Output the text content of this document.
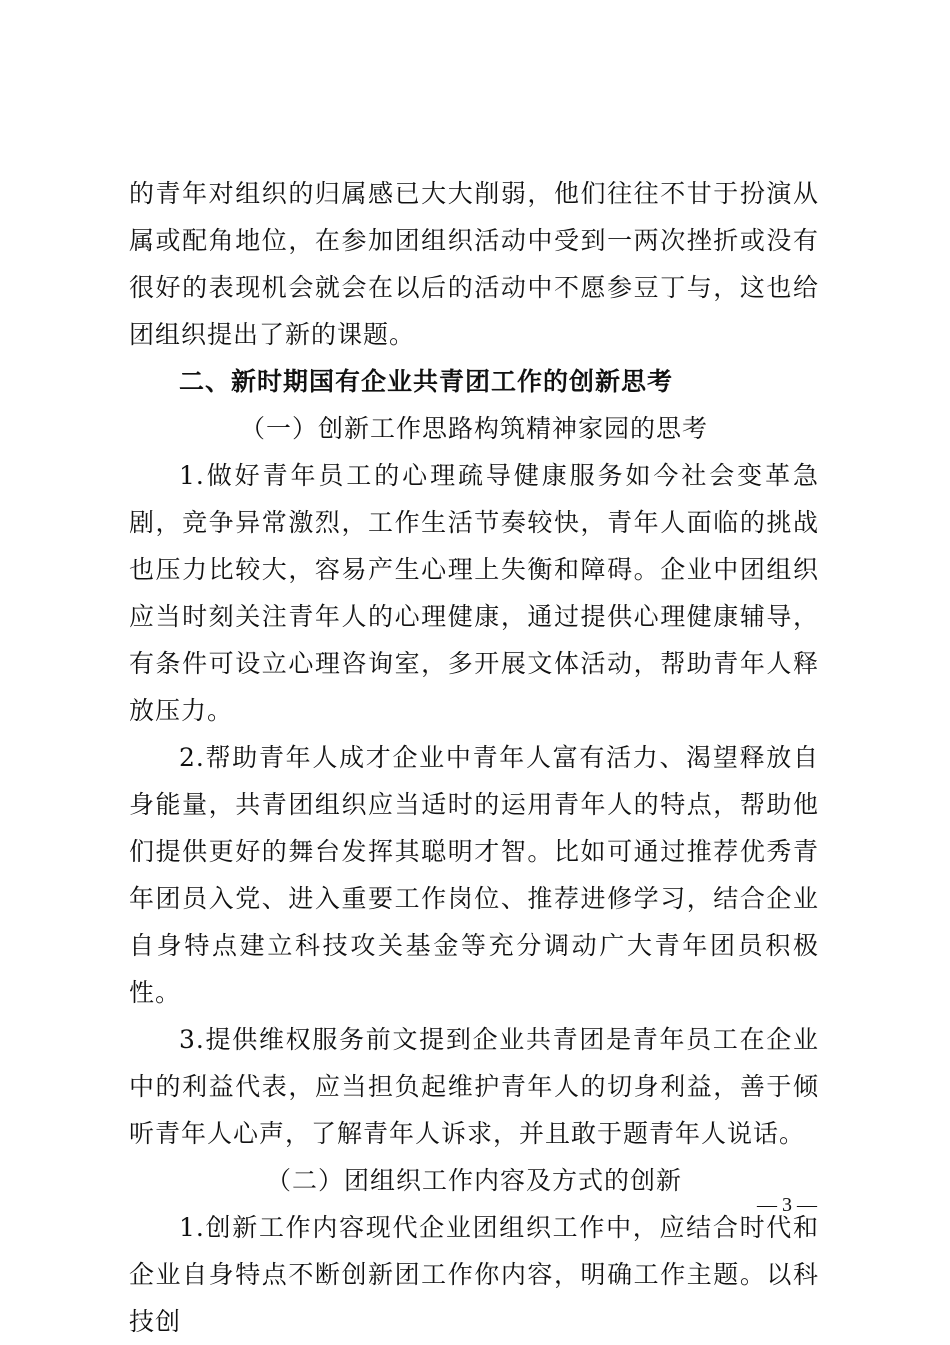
的青年对组织的归属感已大大削弱，他们往往不甘于扮演从属或配角地位，在参加团组织活动中受到一两次挫折或没有很好的表现机会就会在以后的活动中不愿参豆丁与，这也给团组织提出了新的课题。

二、新时期国有企业共青团工作的创新思考

（一）创新工作思路构筑精神家园的思考

1.做好青年员工的心理疏导健康服务如今社会变革急剧，竞争异常激烈，工作生活节奏较快，青年人面临的挑战也压力比较大，容易产生心理上失衡和障碍。企业中团组织应当时刻关注青年人的心理健康，通过提供心理健康辅导，有条件可设立心理咨询室，多开展文体活动，帮助青年人释放压力。

2.帮助青年人成才企业中青年人富有活力、渴望释放自身能量，共青团组织应当适时的运用青年人的特点，帮助他们提供更好的舞台发挥其聪明才智。比如可通过推荐优秀青年团员入党、进入重要工作岗位、推荐进修学习，结合企业自身特点建立科技攻关基金等充分调动广大青年团员积极性。

3.提供维权服务前文提到企业共青团是青年员工在企业中的利益代表，应当担负起维护青年人的切身利益，善于倾听青年人心声，了解青年人诉求，并且敢于题青年人说话。

（二）团组织工作内容及方式的创新

1.创新工作内容现代企业团组织工作中，应结合时代和企业自身特点不断创新团工作你内容，明确工作主题。以科技创

— 3 —
